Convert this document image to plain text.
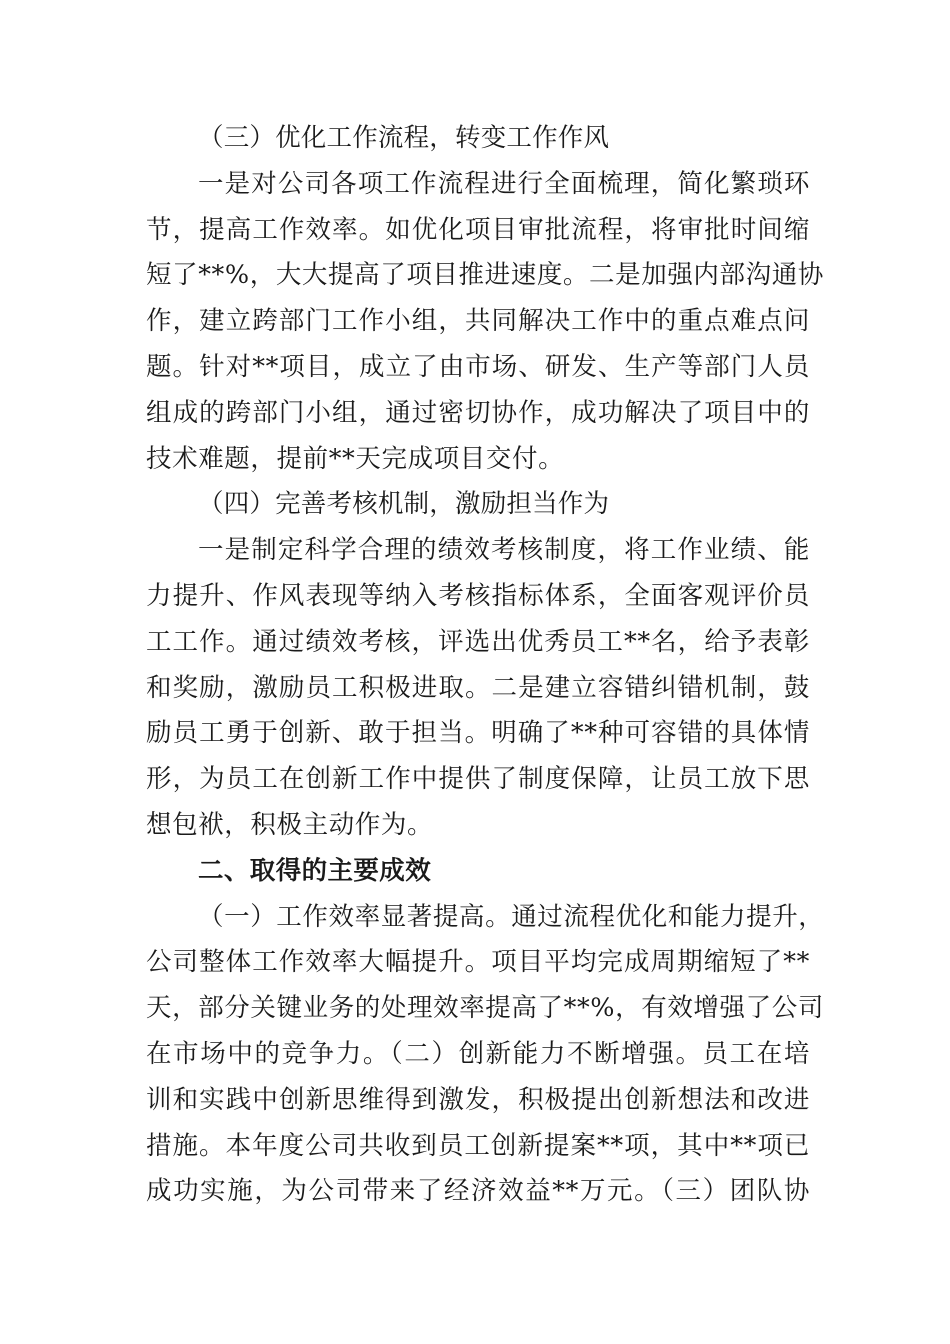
（三）优化工作流程，转变工作作风
一是对公司各项工作流程进行全面梳理，简化繁琐环
节，提高工作效率。如优化项目审批流程，将审批时间缩
短了**%，大大提高了项目推进速度。二是加强内部沟通协
作，建立跨部门工作小组，共同解决工作中的重点难点问
题。针对**项目，成立了由市场、研发、生产等部门人员
组成的跨部门小组，通过密切协作，成功解决了项目中的
技术难题，提前**天完成项目交付。
（四）完善考核机制，激励担当作为
一是制定科学合理的绩效考核制度，将工作业绩、能
力提升、作风表现等纳入考核指标体系，全面客观评价员
工工作。通过绩效考核，评选出优秀员工**名，给予表彰
和奖励，激励员工积极进取。二是建立容错纠错机制，鼓
励员工勇于创新、敢于担当。明确了**种可容错的具体情
形，为员工在创新工作中提供了制度保障，让员工放下思
想包袱，积极主动作为。
二、取得的主要成效
（一）工作效率显著提高。通过流程优化和能力提升，
公司整体工作效率大幅提升。项目平均完成周期缩短了**
天，部分关键业务的处理效率提高了**%，有效增强了公司
在市场中的竞争力。（二）创新能力不断增强。员工在培
训和实践中创新思维得到激发，积极提出创新想法和改进
措施。本年度公司共收到员工创新提案**项，其中**项已
成功实施，为公司带来了经济效益**万元。（三）团队协
